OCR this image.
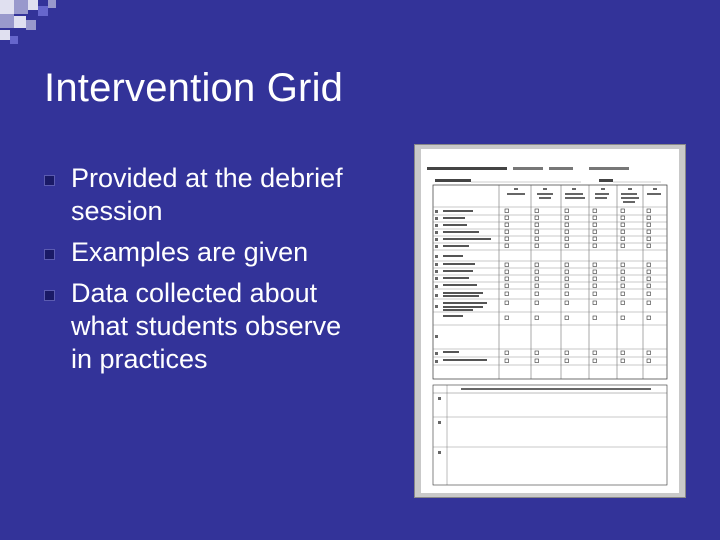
Intervention Grid
Provided at the debrief session
Examples are given
Data collected about what students observe in practices
